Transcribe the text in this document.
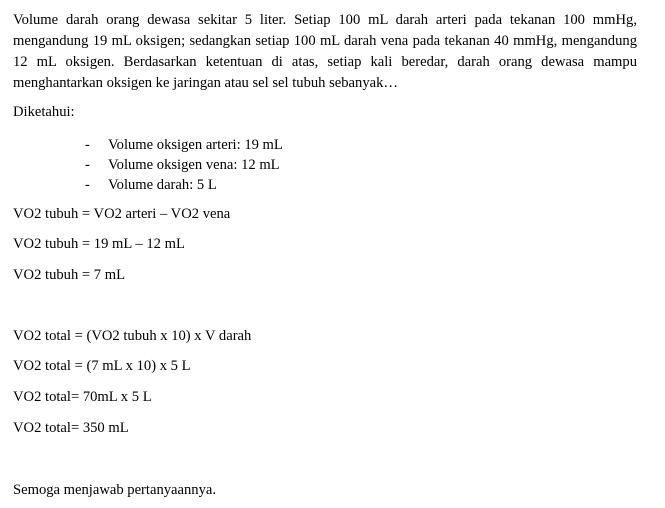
Volume darah orang dewasa sekitar 5 liter. Setiap 100 mL darah arteri pada tekanan 100 mmHg, mengandung 19 mL oksigen; sedangkan setiap 100 mL darah vena pada tekanan 40 mmHg, mengandung 12 mL oksigen. Berdasarkan ketentuan di atas, setiap kali beredar, darah orang dewasa mampu menghantarkan oksigen ke jaringan atau sel sel tubuh sebanyak…

Diketahui:

- Volume oksigen arteri: 19 mL
- Volume oksigen vena: 12 mL
- Volume darah: 5 L

VO2 tubuh = VO2 arteri – VO2 vena

VO2 tubuh = 19 mL – 12 mL

VO2 tubuh = 7 mL

VO2 total = (VO2 tubuh x 10) x V darah

VO2 total = (7 mL x 10) x 5 L

VO2 total= 70mL x 5 L

VO2 total= 350 mL

Semoga menjawab pertanyaannya.
